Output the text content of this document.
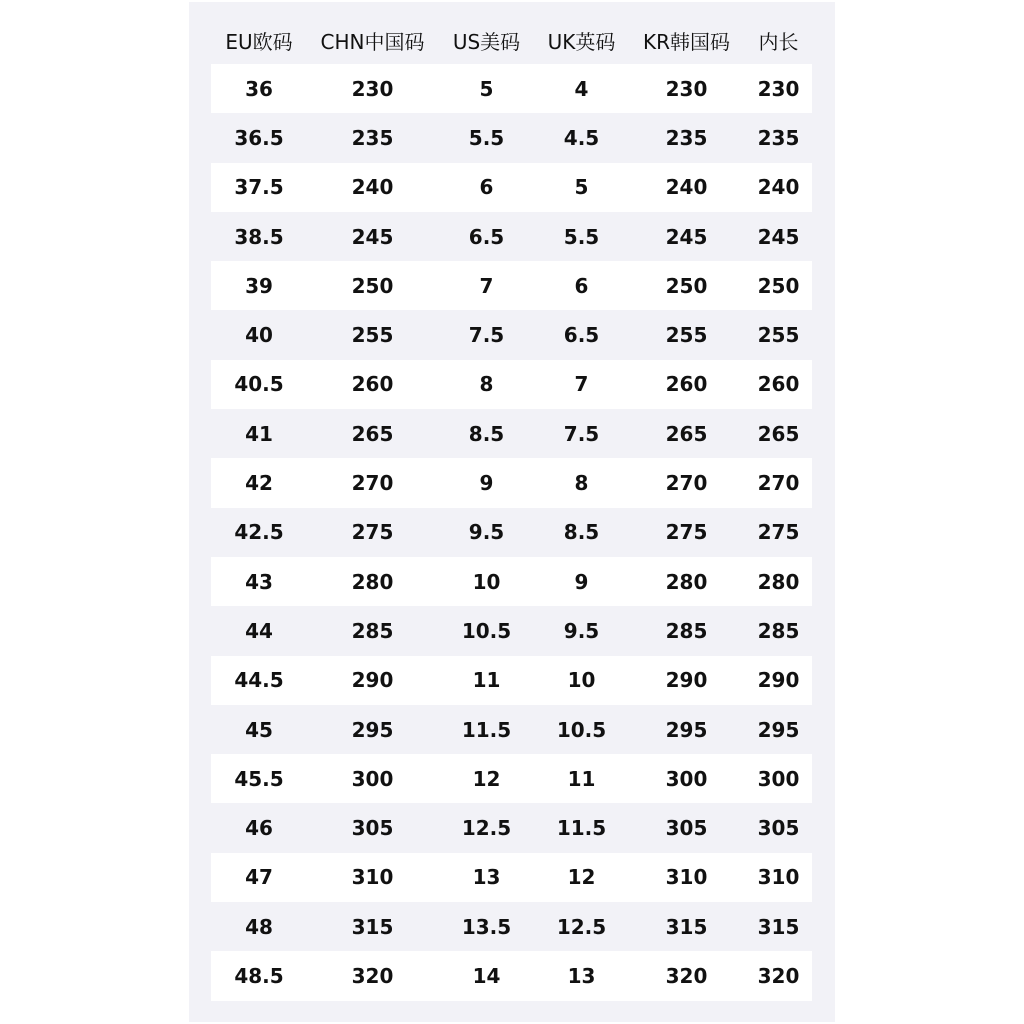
EU欧码	CHN中国码	US美码	UK英码	KR韩国码	内长
36	230	5	4	230	230
36.5	235	5.5	4.5	235	235
37.5	240	6	5	240	240
38.5	245	6.5	5.5	245	245
39	250	7	6	250	250
40	255	7.5	6.5	255	255
40.5	260	8	7	260	260
41	265	8.5	7.5	265	265
42	270	9	8	270	270
42.5	275	9.5	8.5	275	275
43	280	10	9	280	280
44	285	10.5	9.5	285	285
44.5	290	11	10	290	290
45	295	11.5	10.5	295	295
45.5	300	12	11	300	300
46	305	12.5	11.5	305	305
47	310	13	12	310	310
48	315	13.5	12.5	315	315
48.5	320	14	13	320	320
